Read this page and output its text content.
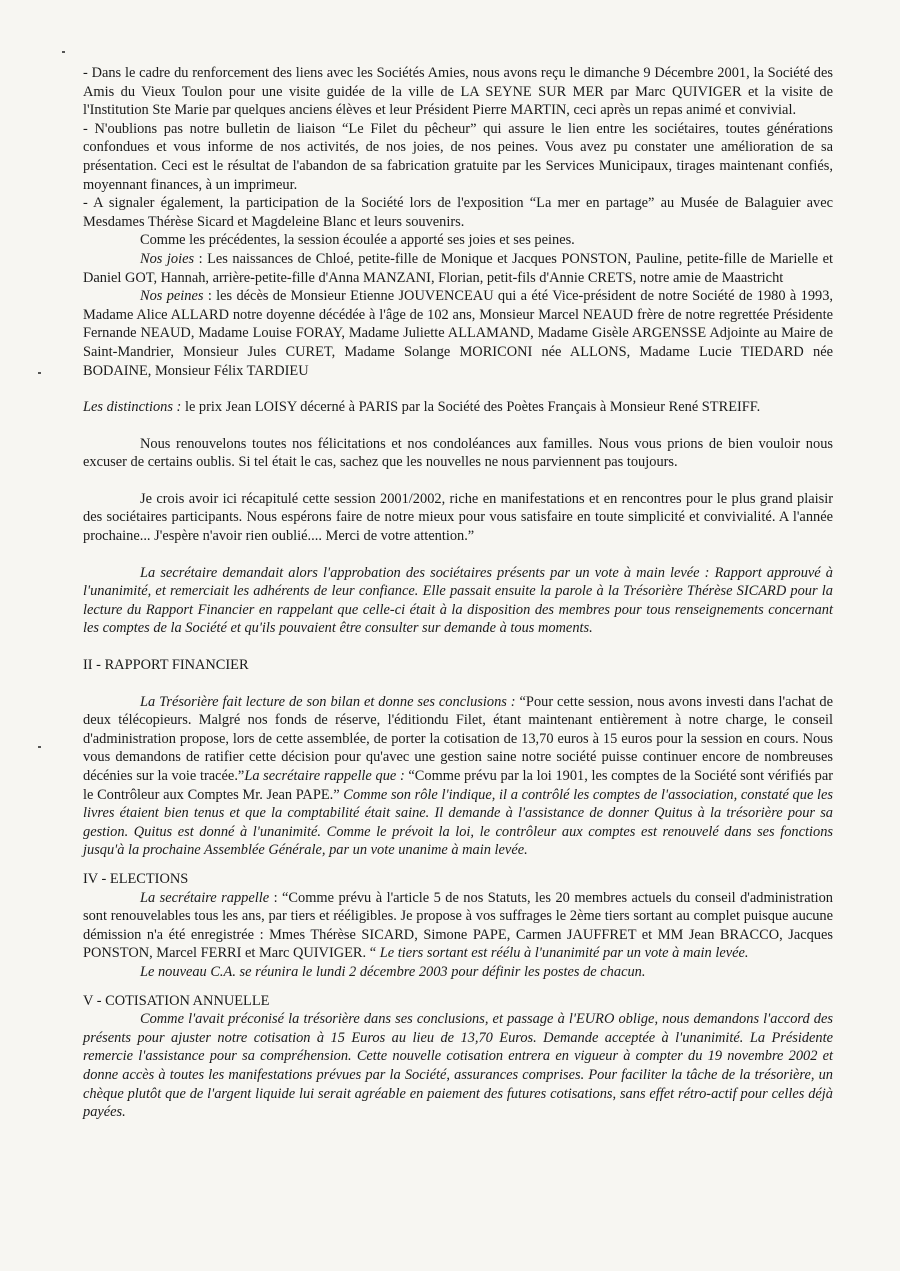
- Dans le cadre du renforcement des liens avec les Sociétés Amies, nous avons reçu le dimanche 9 Décembre 2001, la Société des Amis du Vieux Toulon pour une visite guidée de la ville de LA SEYNE SUR MER par Marc QUIVIGER et la visite de l'Institution Ste Marie par quelques anciens élèves et leur Président Pierre MARTIN, ceci après un repas animé et convivial.

- N'oublions pas notre bulletin de liaison “Le Filet du pêcheur” qui assure le lien entre les sociétaires, toutes générations confondues et vous informe de nos activités, de nos joies, de nos peines. Vous avez pu constater une amélioration de sa présentation. Ceci est le résultat de l'abandon de sa fabrication gratuite par les Services Municipaux, tirages maintenant confiés, moyennant finances, à un imprimeur.

- A signaler également, la participation de la Société lors de l'exposition “La mer en partage” au Musée de Balaguier avec Mesdames Thérèse Sicard et Magdeleine Blanc et leurs souvenirs.

Comme les précédentes, la session écoulée a apporté ses joies et ses peines.

Nos joies : Les naissances de Chloé, petite-fille de Monique et Jacques PONSTON, Pauline, petite-fille de Marielle et Daniel GOT, Hannah, arrière-petite-fille d'Anna MANZANI, Florian, petit-fils d'Annie CRETS, notre amie de Maastricht

Nos peines : les décès de Monsieur Etienne JOUVENCEAU qui a été Vice-président de notre Société de 1980 à 1993, Madame Alice ALLARD notre doyenne décédée à l'âge de 102 ans, Monsieur Marcel NEAUD frère de notre regrettée Présidente Fernande NEAUD, Madame Louise FORAY, Madame Juliette ALLAMAND, Madame Gisèle ARGENSSE Adjointe au Maire de Saint-Mandrier, Monsieur Jules CURET, Madame Solange MORICONI née ALLONS, Madame Lucie TIEDARD née BODAINE, Monsieur Félix TARDIEU

Les distinctions : le prix Jean LOISY décerné à PARIS par la Société des Poètes Français à Monsieur René STREIFF.

Nous renouvelons toutes nos félicitations et nos condoléances aux familles. Nous vous prions de bien vouloir nous excuser de certains oublis. Si tel était le cas, sachez que les nouvelles ne nous parviennent pas toujours.

Je crois avoir ici récapitulé cette session 2001/2002, riche en manifestations et en rencontres pour le plus grand plaisir des sociétaires participants. Nous espérons faire de notre mieux pour vous satisfaire en toute simplicité et convivialité. A l'année prochaine... J'espère n'avoir rien oublié.... Merci de votre attention.”

La secrétaire demandait alors l'approbation des sociétaires présents par un vote à main levée : Rapport approuvé à l'unanimité, et remerciait les adhérents de leur confiance. Elle passait ensuite la parole à la Trésorière Thérèse SICARD pour la lecture du Rapport Financier en rappelant que celle-ci était à la disposition des membres pour tous renseignements concernant les comptes de la Société et qu'ils pouvaient être consulter sur demande à tous moments.

II - RAPPORT FINANCIER

La Trésorière fait lecture de son bilan et donne ses conclusions : “Pour cette session, nous avons investi dans l'achat de deux télécopieurs. Malgré nos fonds de réserve, l'éditiondu Filet, étant maintenant entièrement à notre charge, le conseil d'administration propose, lors de cette assemblée, de porter la cotisation de 13,70 euros à 15 euros pour la session en cours. Nous vous demandons de ratifier cette décision pour qu'avec une gestion saine notre société puisse continuer encore de nombreuses décénies sur la voie tracée.”La secrétaire rappelle que : “Comme prévu par la loi 1901, les comptes de la Société sont vérifiés par le Contrôleur aux Comptes Mr. Jean PAPE.” Comme son rôle l'indique, il a contrôlé les comptes de l'association, constaté que les livres étaient bien tenus et que la comptabilité était saine. Il demande à l'assistance de donner Quitus à la trésorière pour sa gestion. Quitus est donné à l'unanimité. Comme le prévoit la loi, le contrôleur aux comptes est renouvelé dans ses fonctions jusqu'à la prochaine Assemblée Générale, par un vote unanime à main levée.

IV - ELECTIONS

La secrétaire rappelle : “Comme prévu à l'article 5 de nos Statuts, les 20 membres actuels du conseil d'administration sont renouvelables tous les ans, par tiers et rééligibles. Je propose à vos suffrages le 2ème tiers sortant au complet puisque aucune démission n'a été enregistrée : Mmes Thérèse SICARD, Simone PAPE, Carmen JAUFFRET et MM Jean BRACCO, Jacques PONSTON, Marcel FERRI et Marc QUIVIGER. “ Le tiers sortant est réélu à l'unanimité par un vote à main levée.

Le nouveau C.A. se réunira le lundi 2 décembre 2003 pour définir les postes de chacun.

V - COTISATION ANNUELLE

Comme l'avait préconisé la trésorière dans ses conclusions, et passage à l'EURO oblige, nous demandons l'accord des présents pour ajuster notre cotisation à 15 Euros au lieu de 13,70 Euros. Demande acceptée à l'unanimité. La Présidente remercie l'assistance pour sa compréhension. Cette nouvelle cotisation entrera en vigueur à compter du 19 novembre 2002 et donne accès à toutes les manifestations prévues par la Société, assurances comprises. Pour faciliter la tâche de la trésorière, un chèque plutôt que de l'argent liquide lui serait agréable en paiement des futures cotisations, sans effet rétro-actif pour celles déjà payées.
